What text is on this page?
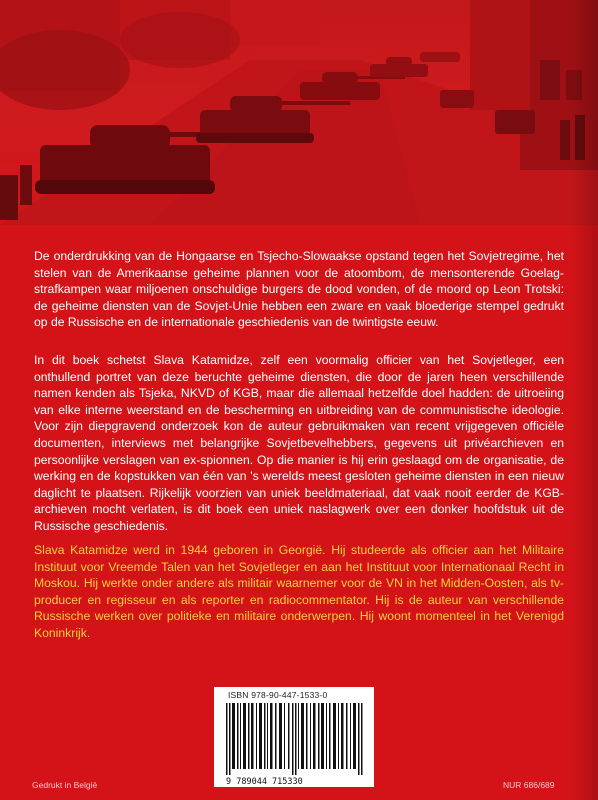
De onderdrukking van de Hongaarse en Tsjecho-Slowaakse opstand tegen het Sovjetregime, het stelen van de Amerikaanse geheime plannen voor de atoombom, de mensonterende Goelag-strafkampen waar miljoenen onschuldige burgers de dood vonden, of de moord op Leon Trotski: de geheime diensten van de Sovjet-Unie hebben een zware en vaak bloederige stempel gedrukt op de Russische en de internationale geschiedenis van de twintigste eeuw.

In dit boek schetst Slava Katamidze, zelf een voormalig officier van het Sovjetleger, een onthullend portret van deze beruchte geheime diensten, die door de jaren heen verschillende namen kenden als Tsjeka, NKVD of KGB, maar die allemaal hetzelfde doel hadden: de uitroeiing van elke interne weerstand en de bescherming en uitbreiding van de communistische ideologie. Voor zijn diepgravend onderzoek kon de auteur gebruikmaken van recent vrijgegeven officiële documenten, interviews met belangrijke Sovjetbevelhebbers, gegevens uit privéarchieven en persoonlijke verslagen van ex-spionnen. Op die manier is hij erin geslaagd om de organisatie, de werking en de kopstukken van één van 's werelds meest gesloten geheime diensten in een nieuw daglicht te plaatsen. Rijkelijk voorzien van uniek beeldmateriaal, dat vaak nooit eerder de KGB-archieven mocht verlaten, is dit boek een uniek naslagwerk over een donker hoofdstuk uit de Russische geschiedenis.

Slava Katamidze werd in 1944 geboren in Georgië. Hij studeerde als officier aan het Militaire Instituut voor Vreemde Talen van het Sovjetleger en aan het Instituut voor Internationaal Recht in Moskou. Hij werkte onder andere als militair waarnemer voor de VN in het Midden-Oosten, als tv-producer en regisseur en als reporter en radiocommentator. Hij is de auteur van verschillende Russische werken over politieke en militaire onderwerpen. Hij woont momenteel in het Verenigd Koninkrijk.

ISBN 978-90-447-1533-0
9 789044 715330
Gedrukt in België	NUR 686/689
